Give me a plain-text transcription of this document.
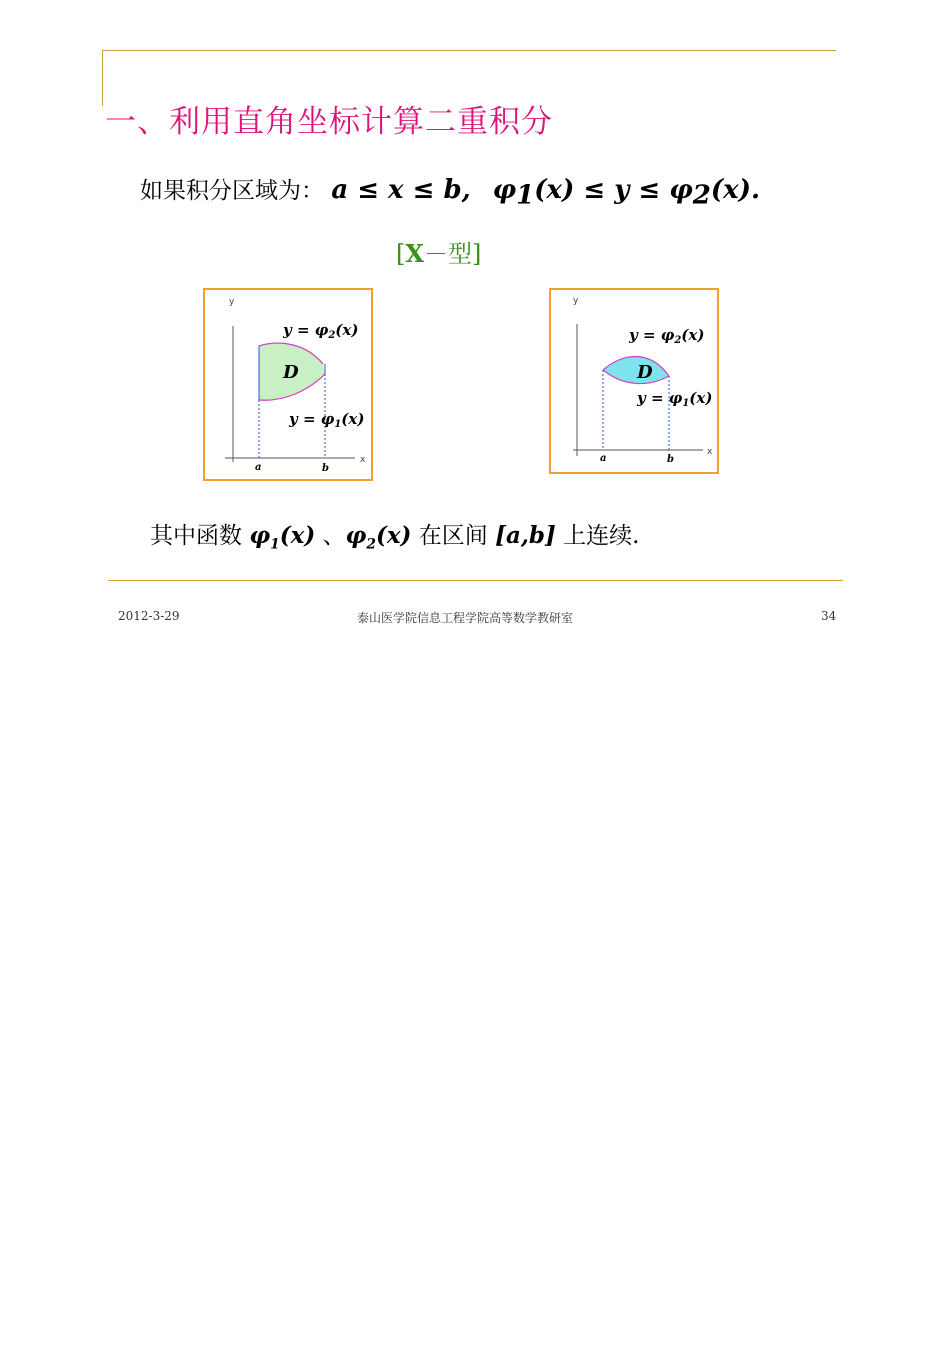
一、利用直角坐标计算二重积分
如果积分区域为： a ≤ x ≤ b, $\varphi_1(x) \le y \le \varphi_2(x)$.
[X－型]
y
x
$y = \varphi_2(x)$
D
$y = \varphi_1(x)$
a	b
y
x
$y = \varphi_2(x)$
D
$y = \varphi_1(x)$
a	b
其中函数 $\varphi_1(x)$ 、$\varphi_2(x)$ 在区间 [a,b] 上连续.
2012-3-29	泰山医学院信息工程学院高等数学教研室	34
